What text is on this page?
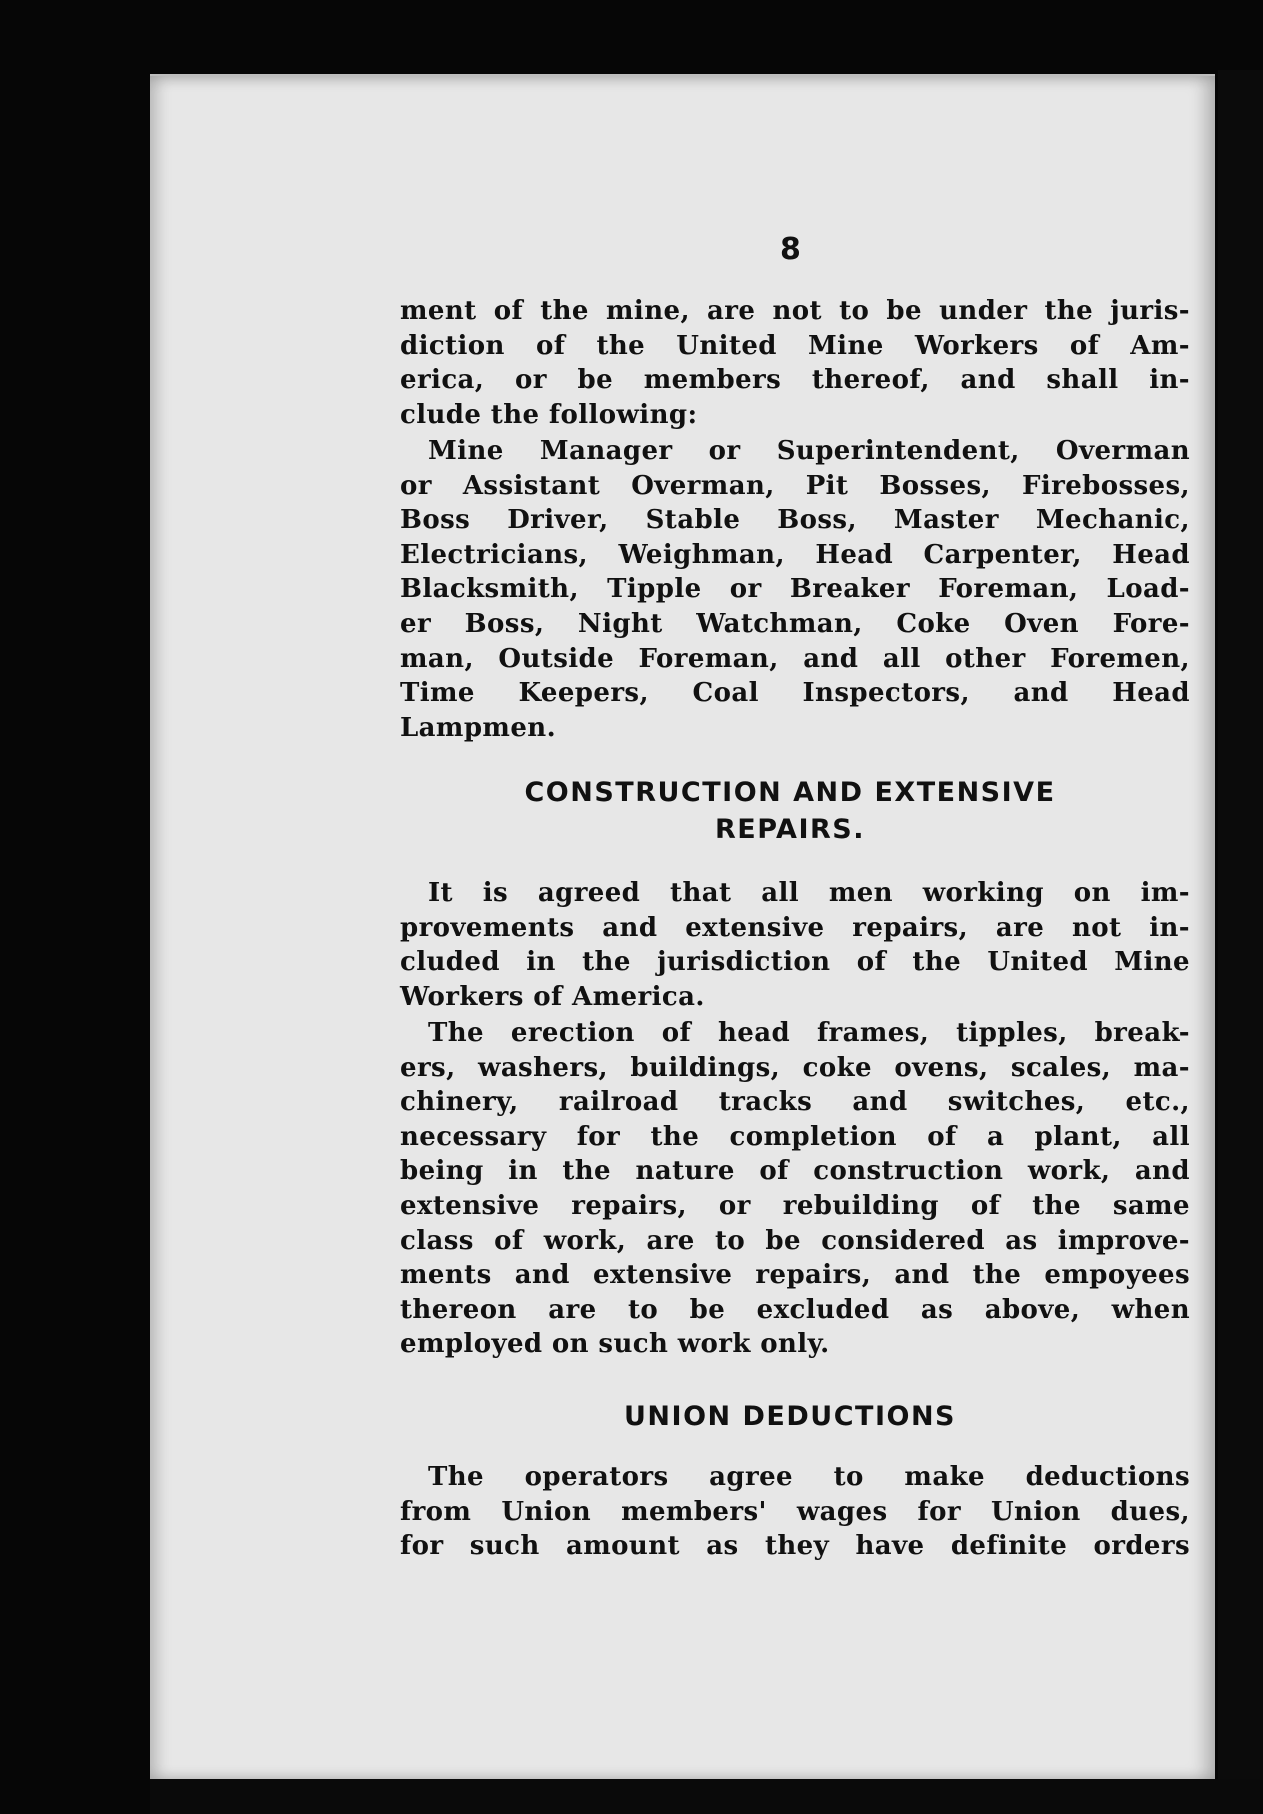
8
ment of the mine, are not to be under the juris-
diction of the United Mine Workers of Am-
erica, or be members thereof, and shall in-
clude the following:
Mine Manager or Superintendent, Overman
or Assistant Overman, Pit Bosses, Firebosses,
Boss Driver, Stable Boss, Master Mechanic,
Electricians, Weighman, Head Carpenter, Head
Blacksmith, Tipple or Breaker Foreman, Load-
er Boss, Night Watchman, Coke Oven Fore-
man, Outside Foreman, and all other Foremen,
Time Keepers, Coal Inspectors, and Head
Lampmen.
CONSTRUCTION AND EXTENSIVE
REPAIRS.
It is agreed that all men working on im-
provements and extensive repairs, are not in-
cluded in the jurisdiction of the United Mine
Workers of America.
The erection of head frames, tipples, break-
ers, washers, buildings, coke ovens, scales, ma-
chinery, railroad tracks and switches, etc.,
necessary for the completion of a plant, all
being in the nature of construction work, and
extensive repairs, or rebuilding of the same
class of work, are to be considered as improve-
ments and extensive repairs, and the empoyees
thereon are to be excluded as above, when
employed on such work only.
UNION DEDUCTIONS
The operators agree to make deductions
from Union members' wages for Union dues,
for such amount as they have definite orders
